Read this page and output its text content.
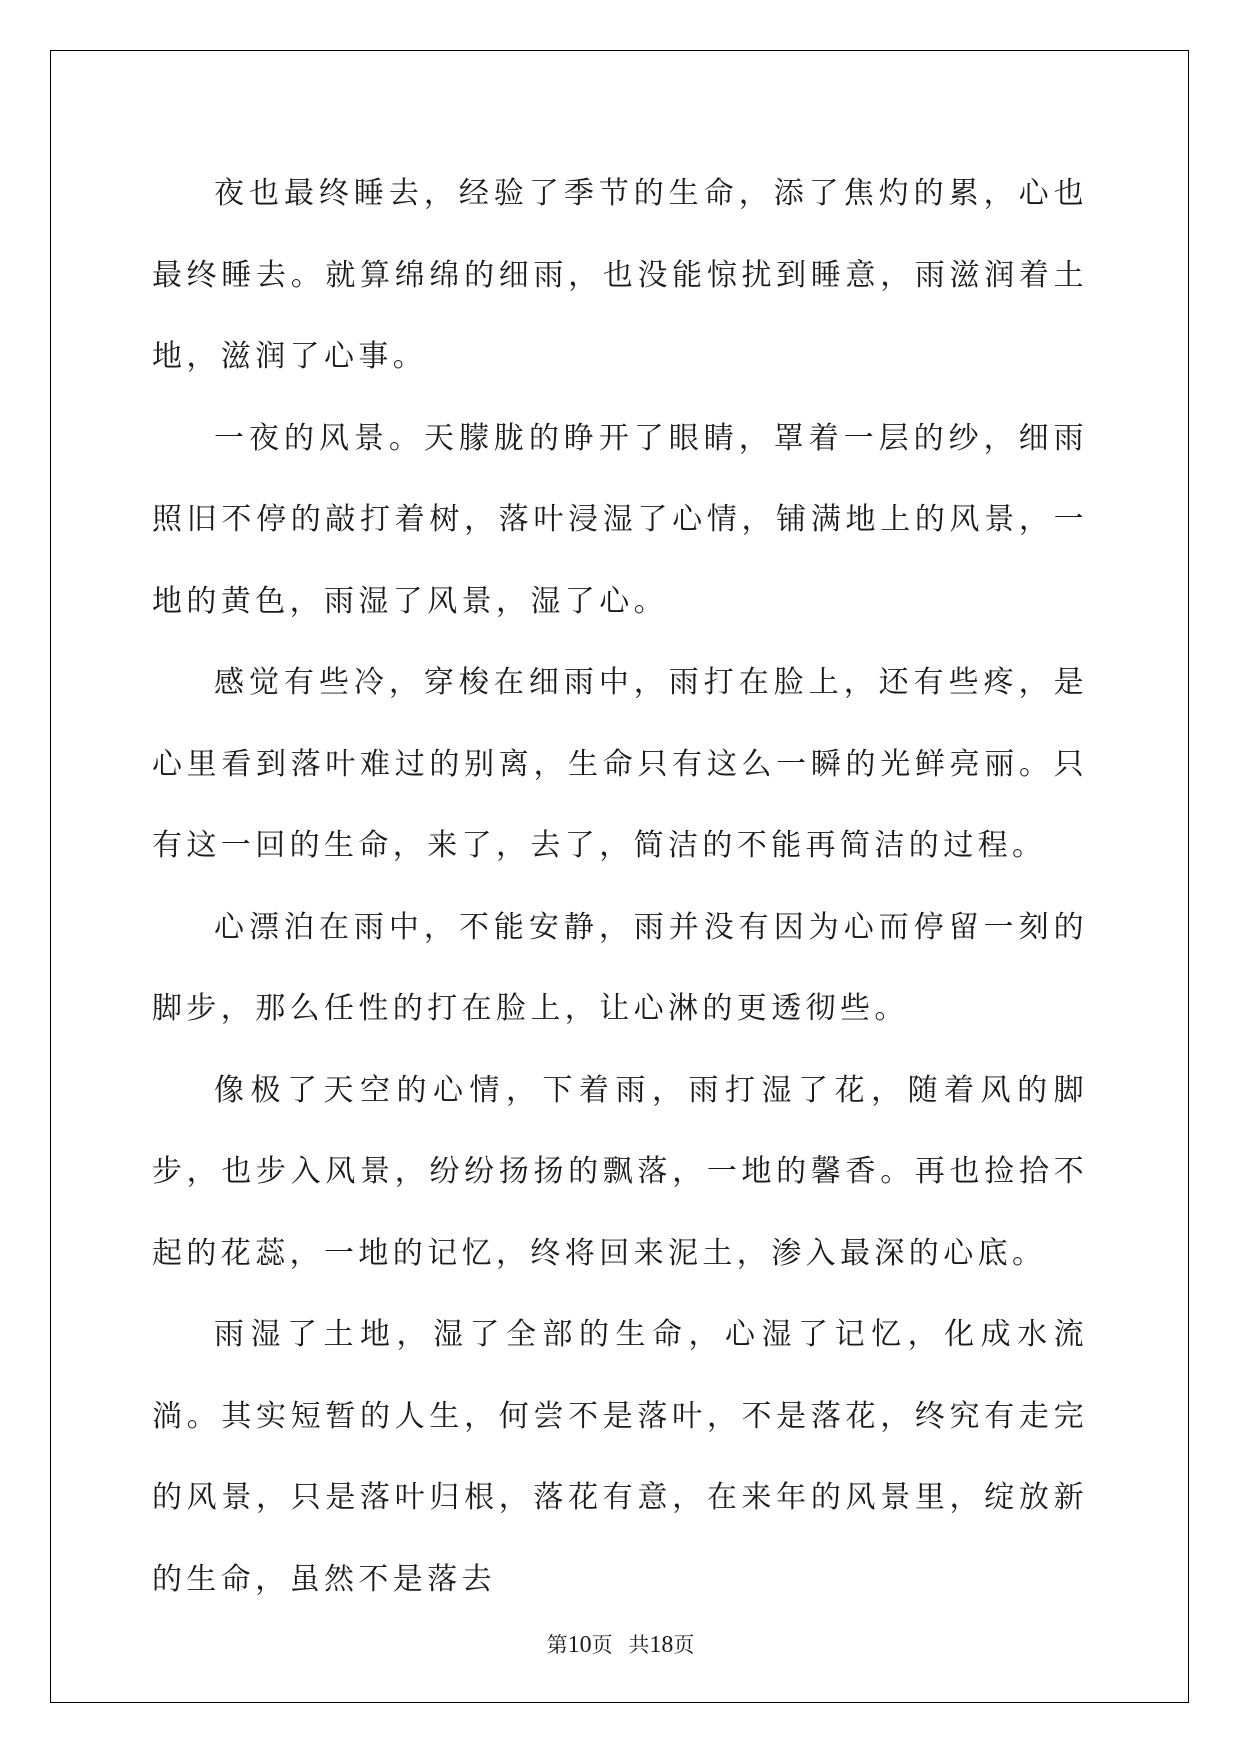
夜也最终睡去，经验了季节的生命，添了焦灼的累，心也最终睡去。就算绵绵的细雨，也没能惊扰到睡意，雨滋润着土地，滋润了心事。

一夜的风景。天朦胧的睁开了眼睛，罩着一层的纱，细雨照旧不停的敲打着树，落叶浸湿了心情，铺满地上的风景，一地的黄色，雨湿了风景，湿了心。

感觉有些冷，穿梭在细雨中，雨打在脸上，还有些疼，是心里看到落叶难过的别离，生命只有这么一瞬的光鲜亮丽。只有这一回的生命，来了，去了，简洁的不能再简洁的过程。

心漂泊在雨中，不能安静，雨并没有因为心而停留一刻的脚步，那么任性的打在脸上，让心淋的更透彻些。

像极了天空的心情，下着雨，雨打湿了花，随着风的脚步，也步入风景，纷纷扬扬的飘落，一地的馨香。再也捡拾不起的花蕊，一地的记忆，终将回来泥土，渗入最深的心底。

雨湿了土地，湿了全部的生命，心湿了记忆，化成水流淌。其实短暂的人生，何尝不是落叶，不是落花，终究有走完的风景，只是落叶归根，落花有意，在来年的风景里，绽放新的生命，虽然不是落去

第10页   共18页
